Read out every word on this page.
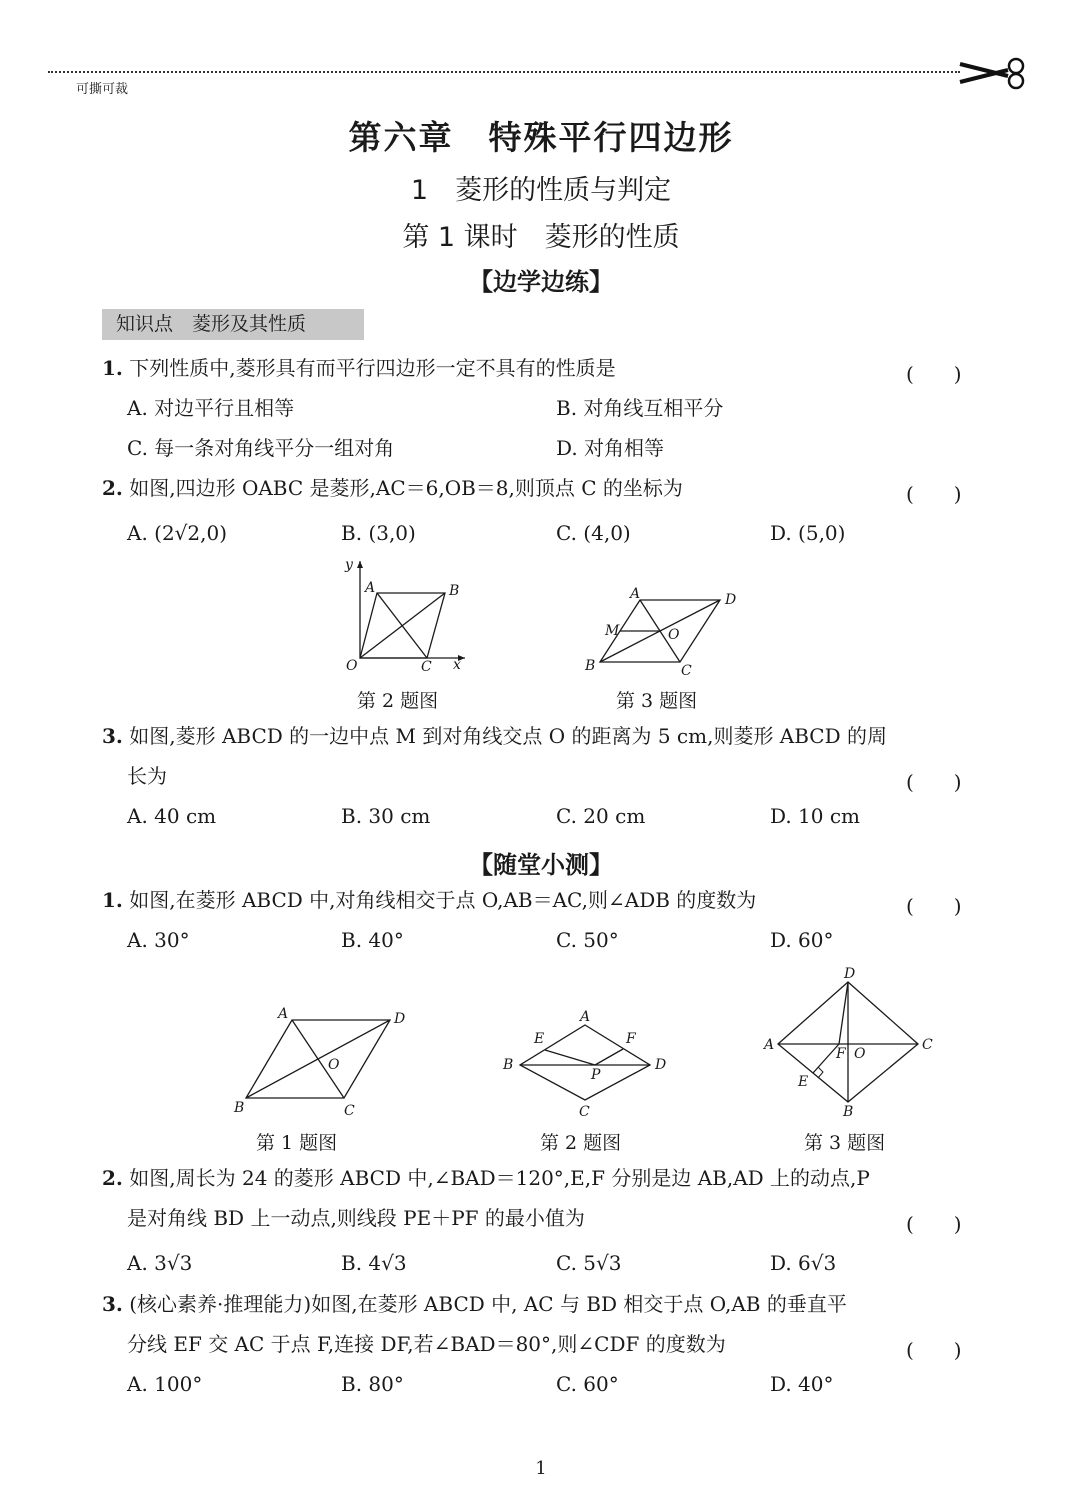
可撕可裁
第六章　特殊平行四边形
1　菱形的性质与判定
第 1 课时　菱形的性质
【边学边练】
知识点　菱形及其性质
1. 下列性质中,菱形具有而平行四边形一定不具有的性质是	(　　)
A. 对边平行且相等	B. 对角线互相平分
C. 每一条对角线平分一组对角	D. 对角相等
2. 如图,四边形 OABC 是菱形,AC＝6,OB＝8,则顶点 C 的坐标为	(　　)
A. (2√2,0)	B. (3,0)	C. (4,0)	D. (5,0)
y
x
O
A	B
C
第 2 题图
A	D
M	O
B	C
第 3 题图
3. 如图,菱形 ABCD 的一边中点 M 到对角线交点 O 的距离为 5 cm,则菱形 ABCD 的周
长为	(　　)
A. 40 cm	B. 30 cm	C. 20 cm	D. 10 cm
【随堂小测】
1. 如图,在菱形 ABCD 中,对角线相交于点 O,AB＝AC,则∠ADB 的度数为	(　　)
A. 30°	B. 40°	C. 50°	D. 60°
A	D
O
B	C
第 1 题图
A
E	F
B	D
P
C
第 2 题图
D
A	C
F O
E
B
第 3 题图
2. 如图,周长为 24 的菱形 ABCD 中,∠BAD＝120°,E,F 分别是边 AB,AD 上的动点,P
是对角线 BD 上一动点,则线段 PE＋PF 的最小值为	(　　)
A. 3√3	B. 4√3	C. 5√3	D. 6√3
3. (核心素养·推理能力)如图,在菱形 ABCD 中, AC 与 BD 相交于点 O,AB 的垂直平
分线 EF 交 AC 于点 F,连接 DF,若∠BAD＝80°,则∠CDF 的度数为	(　　)
A. 100°	B. 80°	C. 60°	D. 40°
1
